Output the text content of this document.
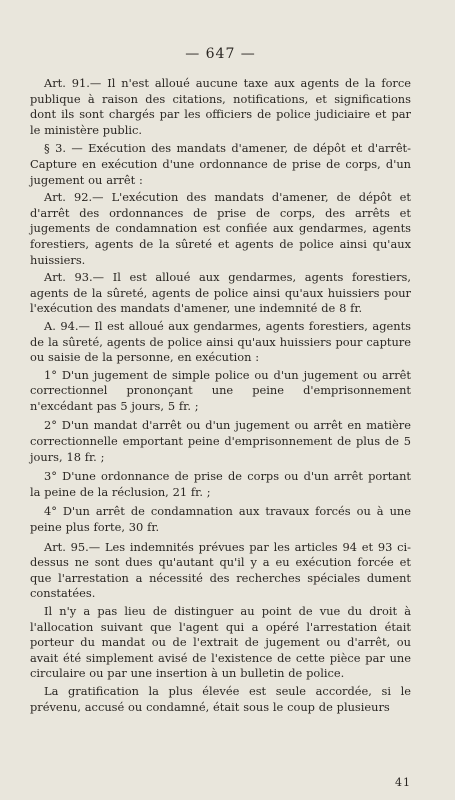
— 647 —

Art. 91.— Il n'est alloué aucune taxe aux agents de la force publique à raison des citations, notifications, et significations dont ils sont chargés par les officiers de police judiciaire et par le ministère public.

§ 3. — Exécution des mandats d'amener, de dépôt et d'arrêt- Capture en exécution d'une ordonnance de prise de corps, d'un jugement ou arrêt :

Art. 92.— L'exécution des mandats d'amener, de dépôt et d'arrêt des ordonnances de prise de corps, des arrêts et jugements de condamnation est confiée aux gendarmes, agents forestiers, agents de la sûreté et agents de police ainsi qu'aux huissiers.

Art. 93.— Il est alloué aux gendarmes, agents forestiers, agents de la sûreté, agents de police ainsi qu'aux huissiers pour l'exécution des mandats d'amener, une indemnité de 8 fr.

A. 94.— Il est alloué aux gendarmes, agents forestiers, agents de la sûreté, agents de police ainsi qu'aux huissiers pour capture ou saisie de la personne, en exécution :

1° D'un jugement de simple police ou d'un jugement ou arrêt correctionnel prononçant une peine d'emprisonnement n'excédant pas 5 jours, 5 fr. ;

2° D'un mandat d'arrêt ou d'un jugement ou arrêt en matière correctionnelle emportant peine d'emprisonnement de plus de 5 jours, 18 fr. ;

3° D'une ordonnance de prise de corps ou d'un arrêt portant la peine de la réclusion, 21 fr. ;

4° D'un arrêt de condamnation aux travaux forcés ou à une peine plus forte, 30 fr.

Art. 95.— Les indemnités prévues par les articles 94 et 93 ci-dessus ne sont dues qu'autant qu'il y a eu exécution forcée et que l'arrestation a nécessité des recherches spéciales dument constatées.

Il n'y a pas lieu de distinguer au point de vue du droit à l'allocation suivant que l'agent qui a opéré l'arrestation était porteur du mandat ou de l'extrait de jugement ou d'arrêt, ou avait été simplement avisé de l'existence de cette pièce par une circulaire ou par une insertion à un bulletin de police.

La gratification la plus élevée est seule accordée, si le prévenu, accusé ou condamné, était sous le coup de plusieurs

41
